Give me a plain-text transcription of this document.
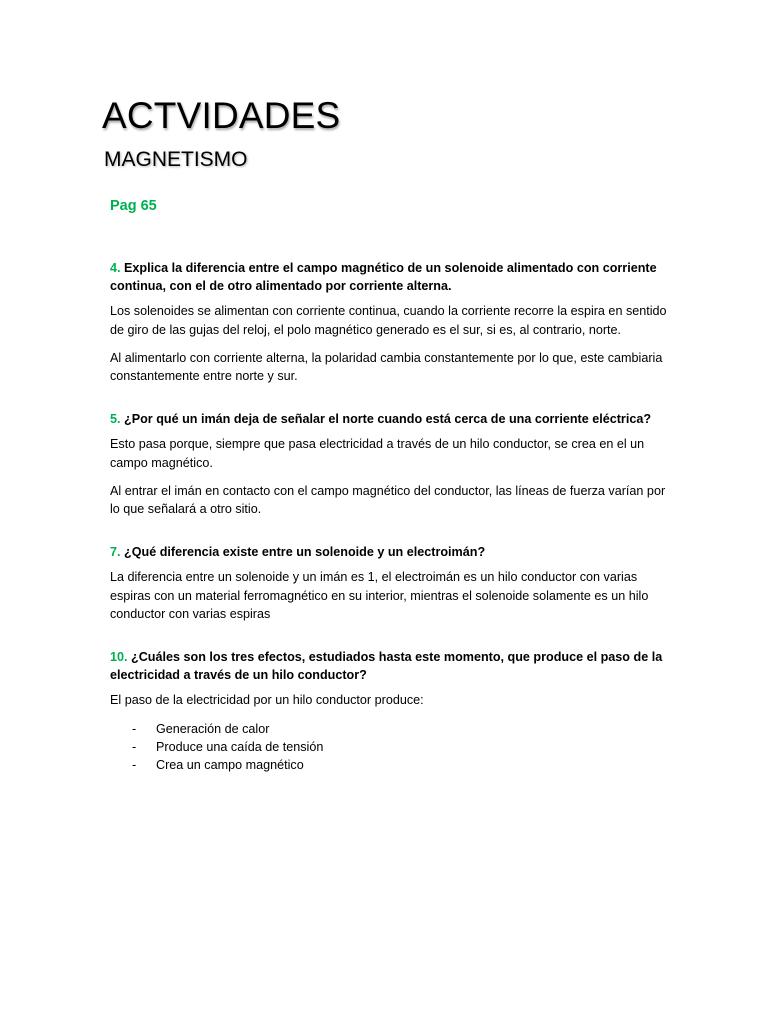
ACTVIDADES
MAGNETISMO

Pag 65

4. Explica la diferencia entre el campo magnético de un solenoide alimentado con corriente continua, con el de otro alimentado por corriente alterna.

Los solenoides se alimentan con corriente continua, cuando la corriente recorre la espira en sentido de giro de las gujas del reloj, el polo magnético generado es el sur, si es, al contrario, norte.

Al alimentarlo con corriente alterna, la polaridad cambia constantemente por lo que, este cambiaria constantemente entre norte y sur.

5. ¿Por qué un imán deja de señalar el norte cuando está cerca de una corriente eléctrica?

Esto pasa porque, siempre que pasa electricidad a través de un hilo conductor, se crea en el un campo magnético.

Al entrar el imán en contacto con el campo magnético del conductor, las líneas de fuerza varían por lo que señalará a otro sitio.

7. ¿Qué diferencia existe entre un solenoide y un electroimán?

La diferencia entre un solenoide y un imán es 1, el electroimán es un hilo conductor con varias espiras con un material ferromagnético en su interior, mientras el solenoide solamente es un hilo conductor con varias espiras

10. ¿Cuáles son los tres efectos, estudiados hasta este momento, que produce el paso de la electricidad a través de un hilo conductor?

El paso de la electricidad por un hilo conductor produce:

- Generación de calor
- Produce una caída de tensión
- Crea un campo magnético
